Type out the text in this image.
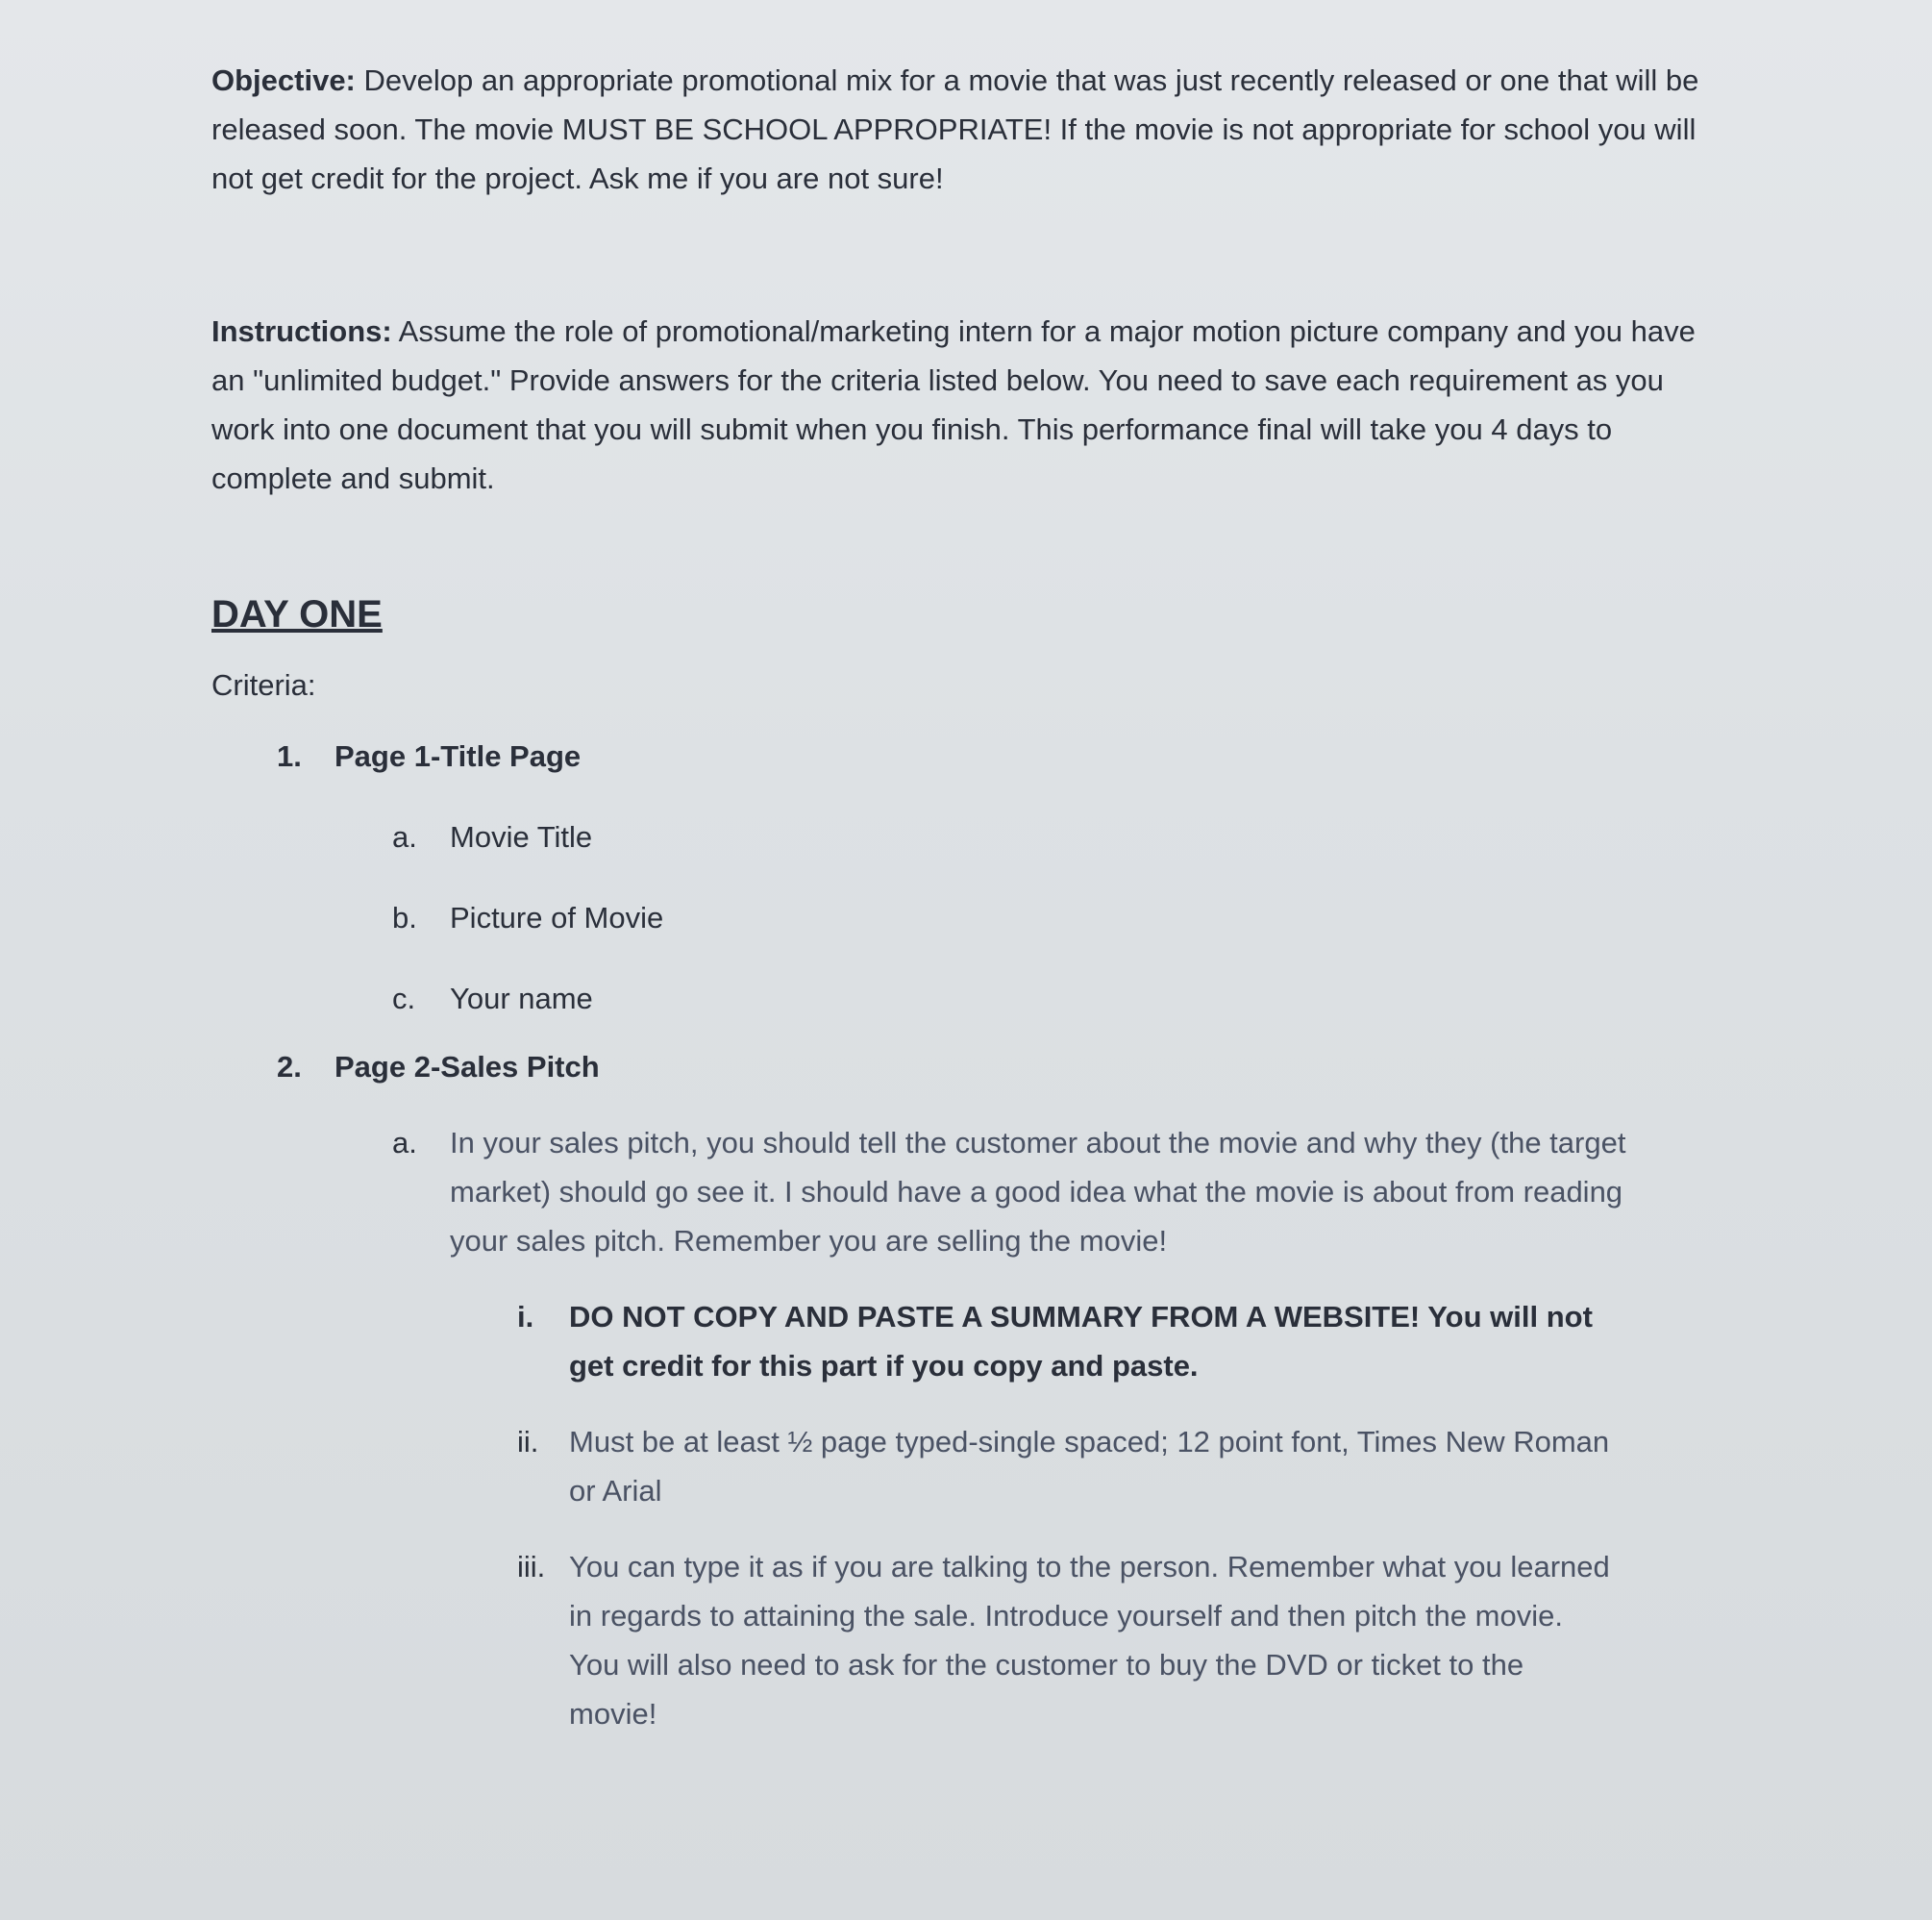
Objective: Develop an appropriate promotional mix for a movie that was just recently released or one that will be released soon. The movie MUST BE SCHOOL APPROPRIATE! If the movie is not appropriate for school you will not get credit for the project. Ask me if you are not sure!

Instructions: Assume the role of promotional/marketing intern for a major motion picture company and you have an "unlimited budget." Provide answers for the criteria listed below. You need to save each requirement as you work into one document that you will submit when you finish. This performance final will take you 4 days to complete and submit.

DAY ONE
Criteria:
1.	Page 1-Title Page
a.	Movie Title
b.	Picture of Movie
c.	Your name
2.	Page 2-Sales Pitch
a.	In your sales pitch, you should tell the customer about the movie and why they (the target market) should go see it. I should have a good idea what the movie is about from reading your sales pitch. Remember you are selling the movie!
i.	DO NOT COPY AND PASTE A SUMMARY FROM A WEBSITE! You will not get credit for this part if you copy and paste.
ii.	Must be at least ½ page typed-single spaced; 12 point font, Times New Roman or Arial
iii. You can type it as if you are talking to the person. Remember what you learned in regards to attaining the sale. Introduce yourself and then pitch the movie. You will also need to ask for the customer to buy the DVD or ticket to the movie!
